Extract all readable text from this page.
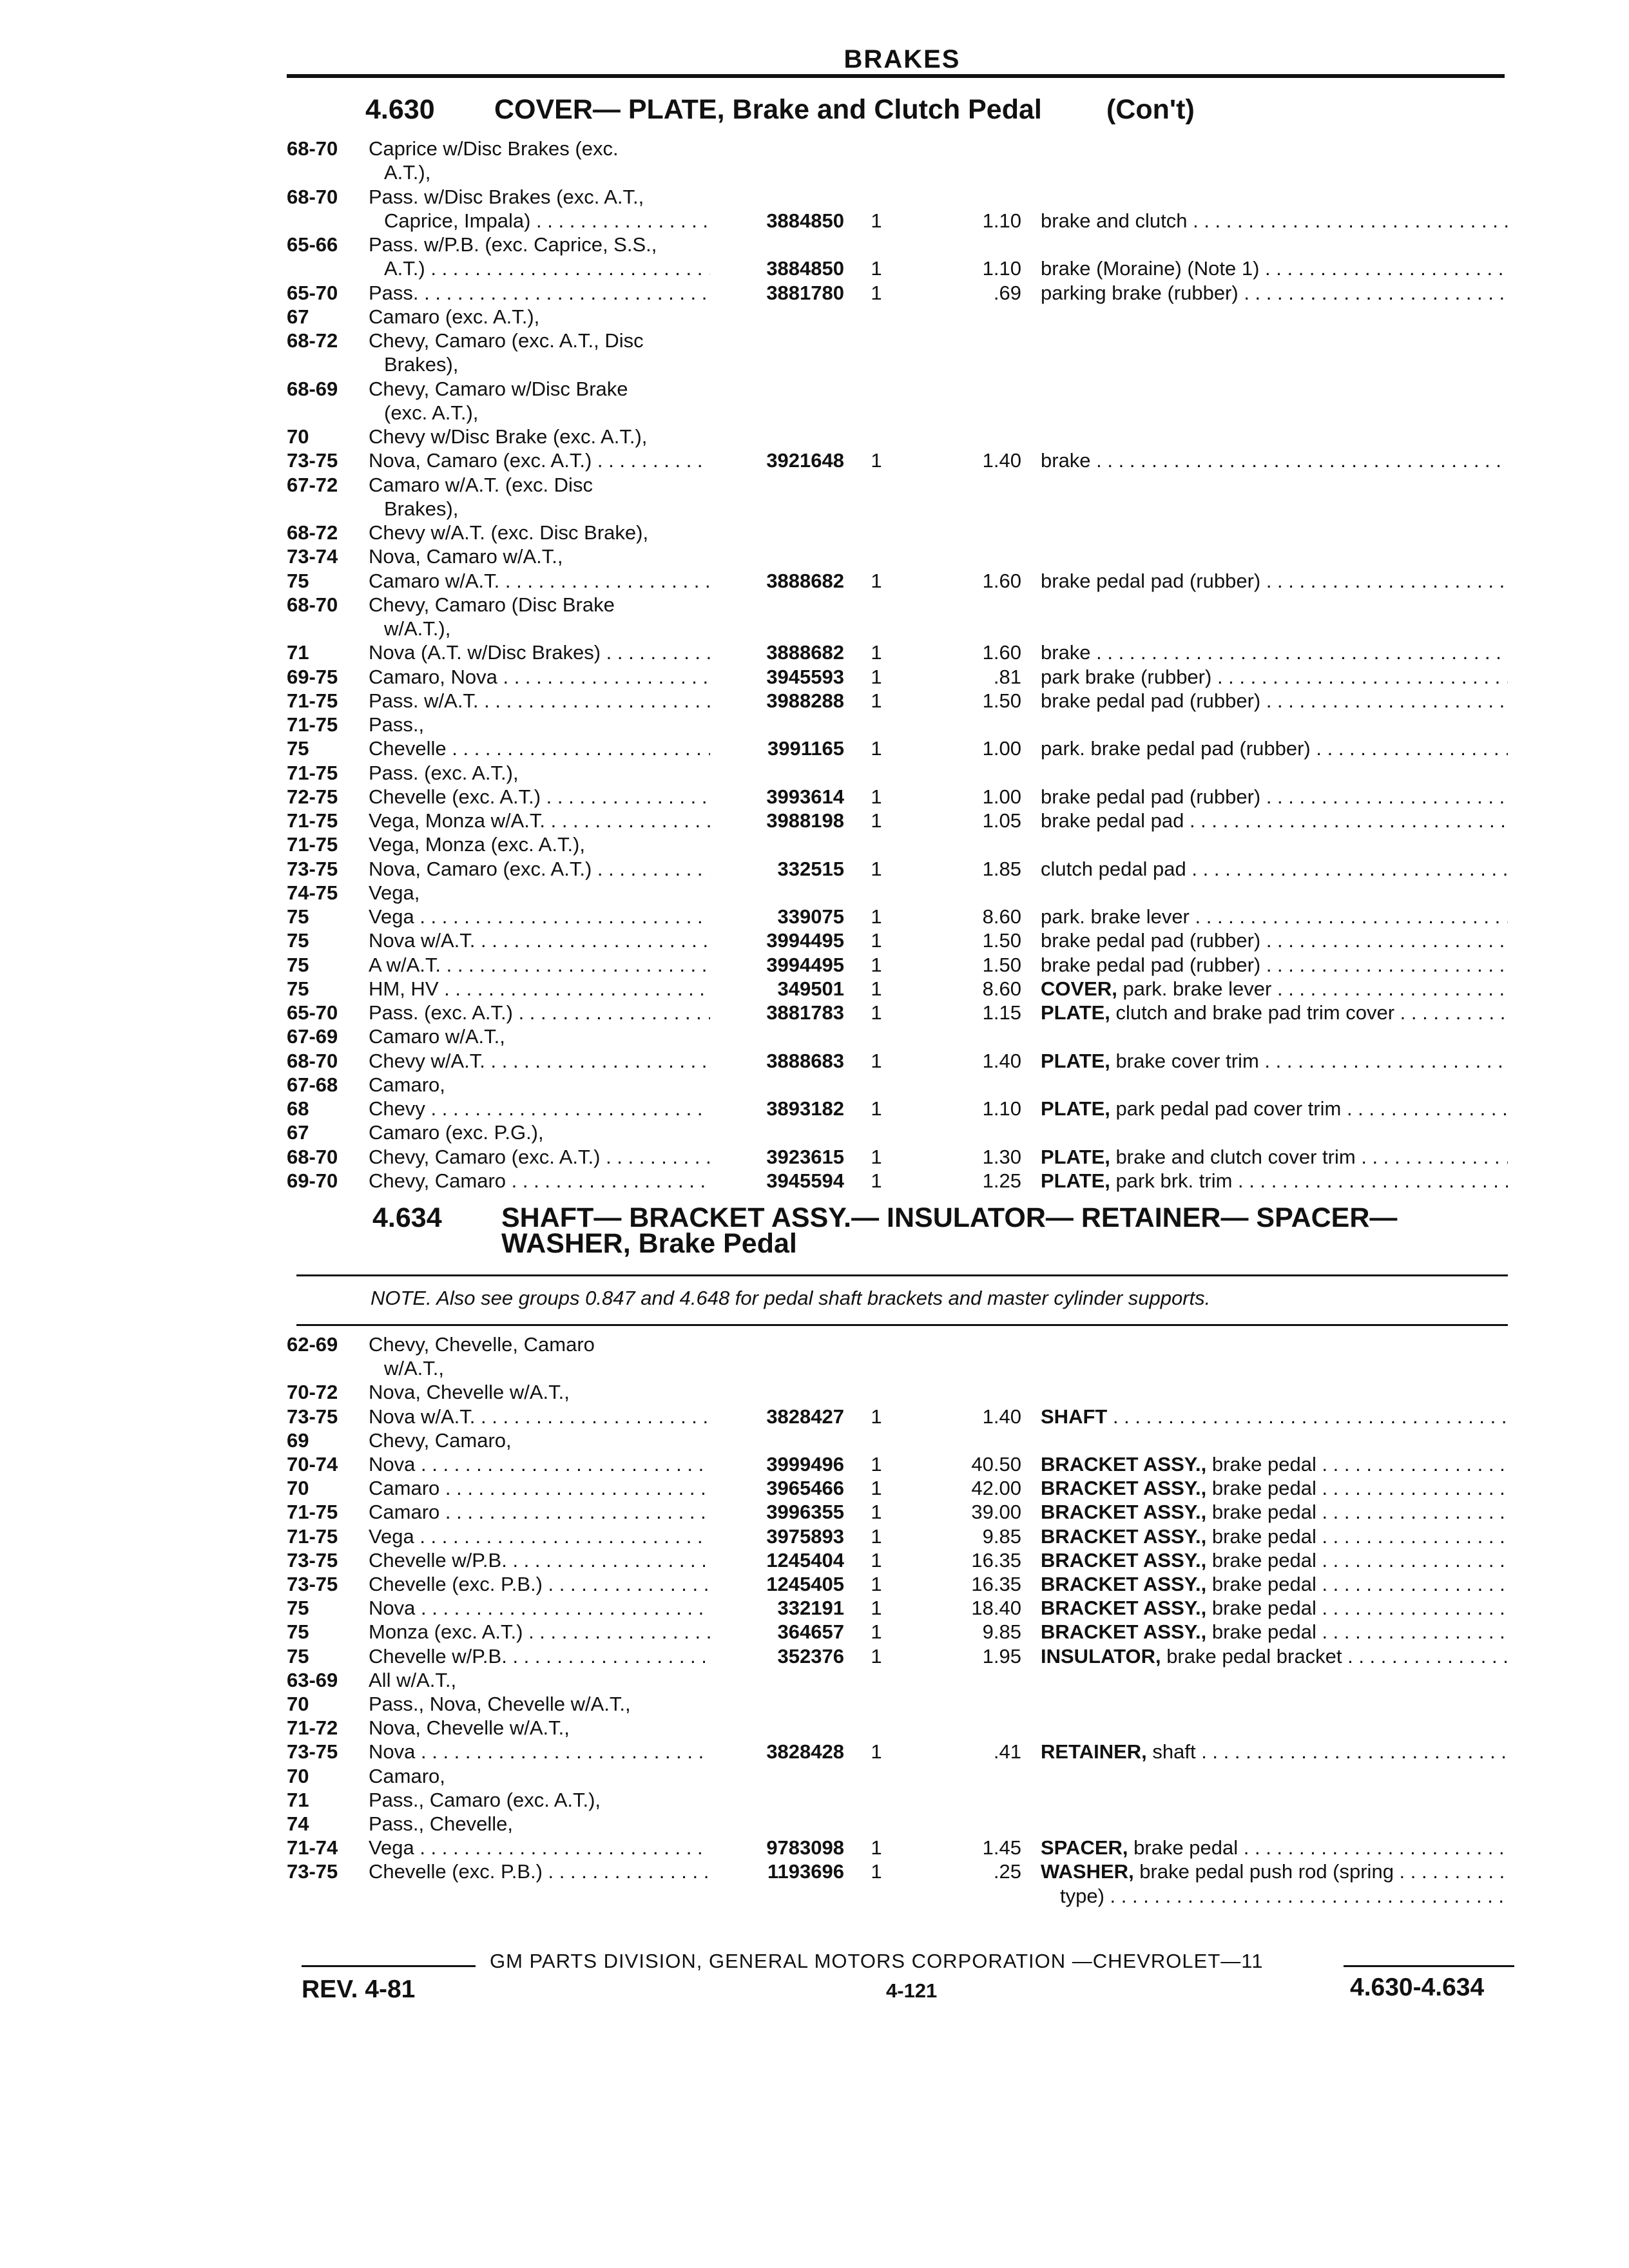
BRAKES
4.630 COVER— PLATE, Brake and Clutch Pedal	(Con't)
68-70	Caprice w/Disc Brakes (exc.
A.T.),
68-70	Pass. w/Disc Brakes (exc. A.T.,
Caprice, Impala) . . .	3884850	1	1.10 brake and clutch . . .
65-66	Pass. w/P.B. (exc. Caprice, S.S.,
A.T.) . . .	3884850	1	1.10 brake (Moraine) (Note 1) . . .
65-70	Pass. . . .	3881780	1	.69 parking brake (rubber) . . .
67	Camaro (exc. A.T.),
68-72	Chevy, Camaro (exc. A.T., Disc
Brakes),
68-69	Chevy, Camaro w/Disc Brake
(exc. A.T.),
70	Chevy w/Disc Brake (exc. A.T.),
73-75	Nova, Camaro (exc. A.T.) . . .	3921648	1	1.40 brake . . .
67-72	Camaro w/A.T. (exc. Disc
Brakes),
68-72	Chevy w/A.T. (exc. Disc Brake),
73-74	Nova, Camaro w/A.T.,
75	Camaro w/A.T. . . .	3888682	1	1.60 brake pedal pad (rubber) . . .
68-70	Chevy, Camaro (Disc Brake
w/A.T.),
71	Nova (A.T. w/Disc Brakes) . . .	3888682	1	1.60 brake . . .
69-75	Camaro, Nova . . .	3945593	1	.81 park brake (rubber) . . .
71-75	Pass. w/A.T. . . .	3988288	1	1.50 brake pedal pad (rubber) . . .
71-75	Pass.,
75	Chevelle . . .	3991165	1	1.00 park. brake pedal pad (rubber) . . .
71-75	Pass. (exc. A.T.),
72-75	Chevelle (exc. A.T.) . . .	3993614	1	1.00 brake pedal pad (rubber) . . .
71-75	Vega, Monza w/A.T. . . .	3988198	1	1.05 brake pedal pad . . .
71-75	Vega, Monza (exc. A.T.),
73-75	Nova, Camaro (exc. A.T.) . . .	332515	1	1.85 clutch pedal pad . . .
74-75	Vega,
75	Vega . . .	339075	1	8.60 park. brake lever . . .
75	Nova w/A.T. . . .	3994495	1	1.50 brake pedal pad (rubber) . . .
75	A w/A.T. . . .	3994495	1	1.50 brake pedal pad (rubber) . . .
75	HM, HV . . .	349501	1	8.60 COVER, park. brake lever . . .
65-70	Pass. (exc. A.T.) . . .	3881783	1	1.15 PLATE, clutch and brake pad trim cover . . .
67-69	Camaro w/A.T.,
68-70	Chevy w/A.T. . . .	3888683	1	1.40 PLATE, brake cover trim . . .
67-68	Camaro,
68	Chevy . . .	3893182	1	1.10 PLATE, park pedal pad cover trim . . .
67	Camaro (exc. P.G.),
68-70	Chevy, Camaro (exc. A.T.) . . .	3923615	1	1.30 PLATE, brake and clutch cover trim . . .
69-70	Chevy, Camaro . . .	3945594	1	1.25 PLATE, park brk. trim . . .
4.634 SHAFT— BRACKET ASSY.— INSULATOR— RETAINER— SPACER—
WASHER, Brake Pedal
NOTE. Also see groups 0.847 and 4.648 for pedal shaft brackets and master cylinder supports.
62-69	Chevy, Chevelle, Camaro
w/A.T.,
70-72	Nova, Chevelle w/A.T.,
73-75	Nova w/A.T. . . .	3828427	1	1.40 SHAFT . . .
69	Chevy, Camaro,
70-74	Nova . . .	3999496	1	40.50 BRACKET ASSY., brake pedal . . .
70	Camaro . . .	3965466	1	42.00 BRACKET ASSY., brake pedal . . .
71-75	Camaro . . .	3996355	1	39.00 BRACKET ASSY., brake pedal . . .
71-75	Vega . . .	3975893	1	9.85 BRACKET ASSY., brake pedal . . .
73-75	Chevelle w/P.B. . . .	1245404	1	16.35 BRACKET ASSY., brake pedal . . .
73-75	Chevelle (exc. P.B.) . . .	1245405	1	16.35 BRACKET ASSY., brake pedal . . .
75	Nova . . .	332191	1	18.40 BRACKET ASSY., brake pedal . . .
75	Monza (exc. A.T.) . . .	364657	1	9.85 BRACKET ASSY., brake pedal . . .
75	Chevelle w/P.B. . . .	352376	1	1.95 INSULATOR, brake pedal bracket . . .
63-69	All w/A.T.,
70	Pass., Nova, Chevelle w/A.T.,
71-72	Nova, Chevelle w/A.T.,
73-75	Nova . . .	3828428	1	.41 RETAINER, shaft . . .
70	Camaro,
71	Pass., Camaro (exc. A.T.),
74	Pass., Chevelle,
71-74	Vega . . .	9783098	1	1.45 SPACER, brake pedal . . .
73-75	Chevelle (exc. P.B.) . . .	1193696	1	.25 WASHER, brake pedal push rod (spring . . .
type) . . .
GM PARTS DIVISION, GENERAL MOTORS CORPORATION —CHEVROLET—11
REV. 4-81	4-121	4.630-4.634
